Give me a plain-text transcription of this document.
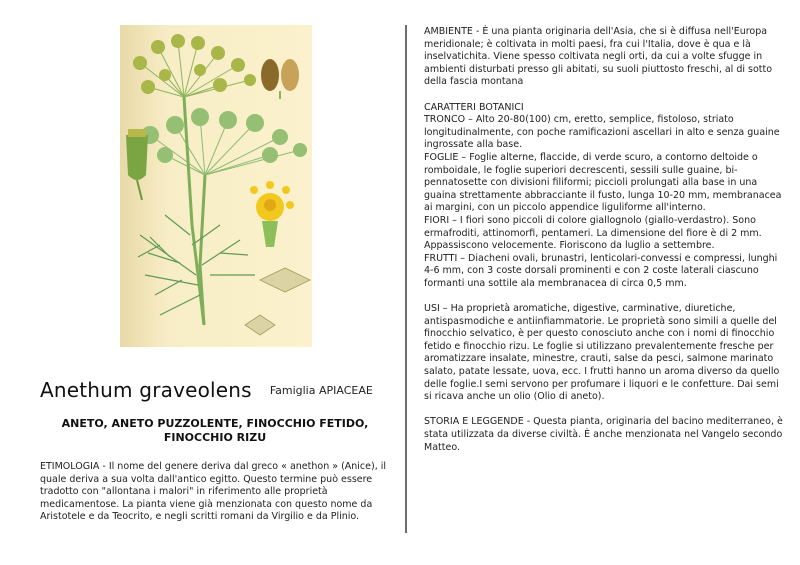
Anethum graveolens Famiglia APIACEAE
ANETO, ANETO PUZZOLENTE, FINOCCHIO FETIDO, FINOCCHIO RIZU

ETIMOLOGIA - Il nome del genere deriva dal greco « anethon » (Anice), il quale deriva a sua volta dall'antico egitto. Questo termine può essere tradotto con "allontana i malori" in riferimento alle proprietà medicamentose. La pianta viene già menzionata con questo nome da Aristotele e da Teocrito, e negli scritti romani da Virgilio e da Plinio.

AMBIENTE - È una pianta originaria dell'Asia, che si è diffusa nell'Europa meridionale; è coltivata in molti paesi, fra cui l'Italia, dove è qua e là inselvatichita. Viene spesso coltivata negli orti, da cui a volte sfugge in ambienti disturbati presso gli abitati, su suoli piuttosto freschi, al di sotto della fascia montana

CARATTERI BOTANICI

TRONCO – Alto 20-80(100) cm, eretto, semplice, fistoloso, striato longitudinalmente, con poche ramificazioni ascellari in alto e senza guaine ingrossate alla base.

FOGLIE – Foglie alterne, flaccide, di verde scuro, a contorno deltoide o romboidale, le foglie superiori decrescenti, sessili sulle guaine, bi-pennatosette con divisioni filiformi; piccioli prolungati alla base in una guaina strettamente abbracciante il fusto, lunga 10-20 mm, membranacea ai margini, con un piccolo appendice liguliforme all'interno.

FIORI – I fiori sono piccoli di colore giallognolo (giallo-verdastro). Sono ermafroditi, attinomorfi, pentameri. La dimensione del fiore è di 2 mm. Appassiscono velocemente. Fioriscono da luglio a settembre.

FRUTTI – Diacheni ovali, brunastri, lenticolari-convessi e compressi, lunghi 4-6 mm, con 3 coste dorsali prominenti e con 2 coste laterali ciascuno formanti una sottile ala membranacea di circa 0,5 mm.

USI – Ha proprietà aromatiche, digestive, carminative, diuretiche, antispasmodiche e antiinfiammatorie. Le proprietà sono simili a quelle del finocchio selvatico, è per questo conosciuto anche con i nomi di finocchio fetido e finocchio rizu. Le foglie si utilizzano prevalentemente fresche per aromatizzare insalate, minestre, crauti, salse da pesci, salmone marinato salato, patate lessate, uova, ecc. I frutti hanno un aroma diverso da quello delle foglie.I semi servono per profumare i liquori e le confetture. Dai semi si ricava anche un olio (Olio di aneto).

STORIA E LEGGENDE - Questa pianta, originaria del bacino mediterraneo, è stata utilizzata da diverse civiltà. È anche menzionata nel Vangelo secondo Matteo.
